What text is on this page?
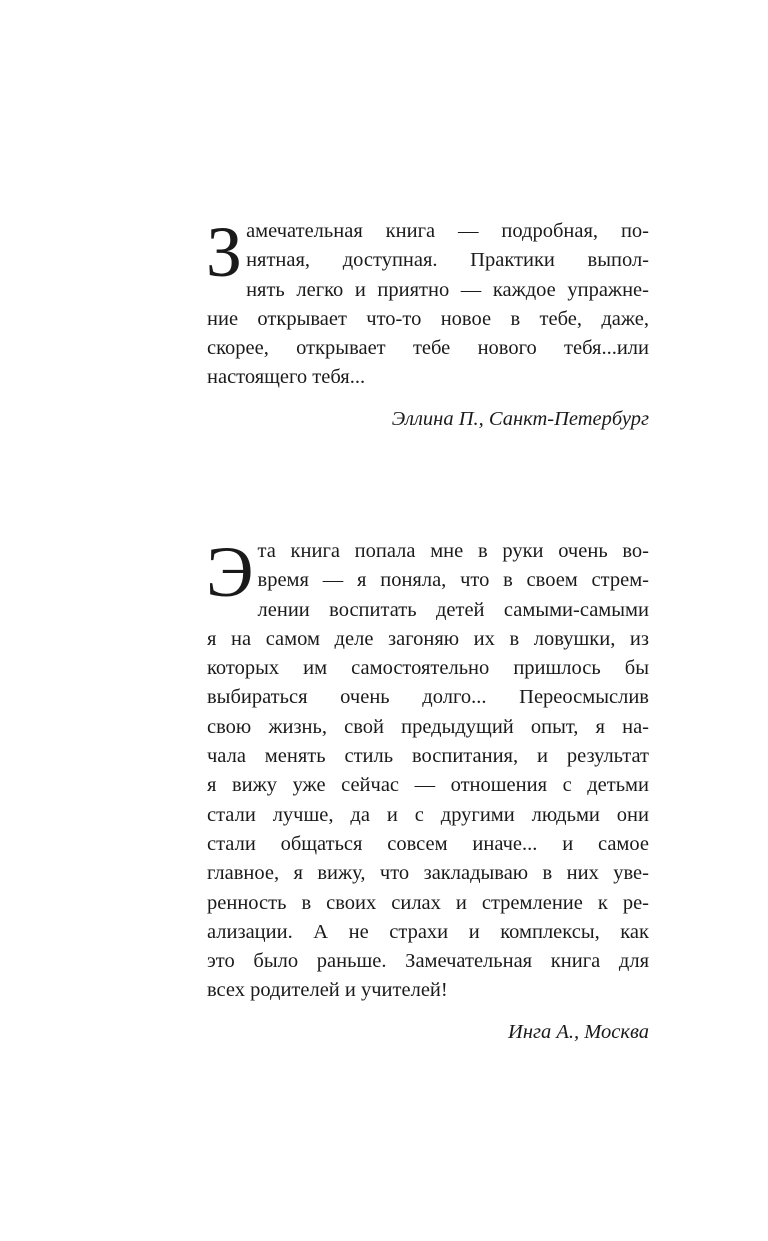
З амечательная книга — подробная, по-
нятная, доступная. Практики выпол-
нять легко и приятно — каждое упражне-
ние открывает что-то новое в тебе, даже,
скорее, открывает тебе нового тебя...или
настоящего тебя...

Эллина П., Санкт-Петербург

Э та книга попала мне в руки очень во-
время — я поняла, что в своем стрем-
лении воспитать детей самыми-самыми
я на самом деле загоняю их в ловушки, из
которых им самостоятельно пришлось бы
выбираться очень долго... Переосмыслив
свою жизнь, свой предыдущий опыт, я на-
чала менять стиль воспитания, и результат
я вижу уже сейчас — отношения с детьми
стали лучше, да и с другими людьми они
стали общаться совсем иначе... и самое
главное, я вижу, что закладываю в них уве-
ренность в своих силах и стремление к ре-
ализации. А не страхи и комплексы, как
это было раньше. Замечательная книга для
всех родителей и учителей!

Инга А., Москва
